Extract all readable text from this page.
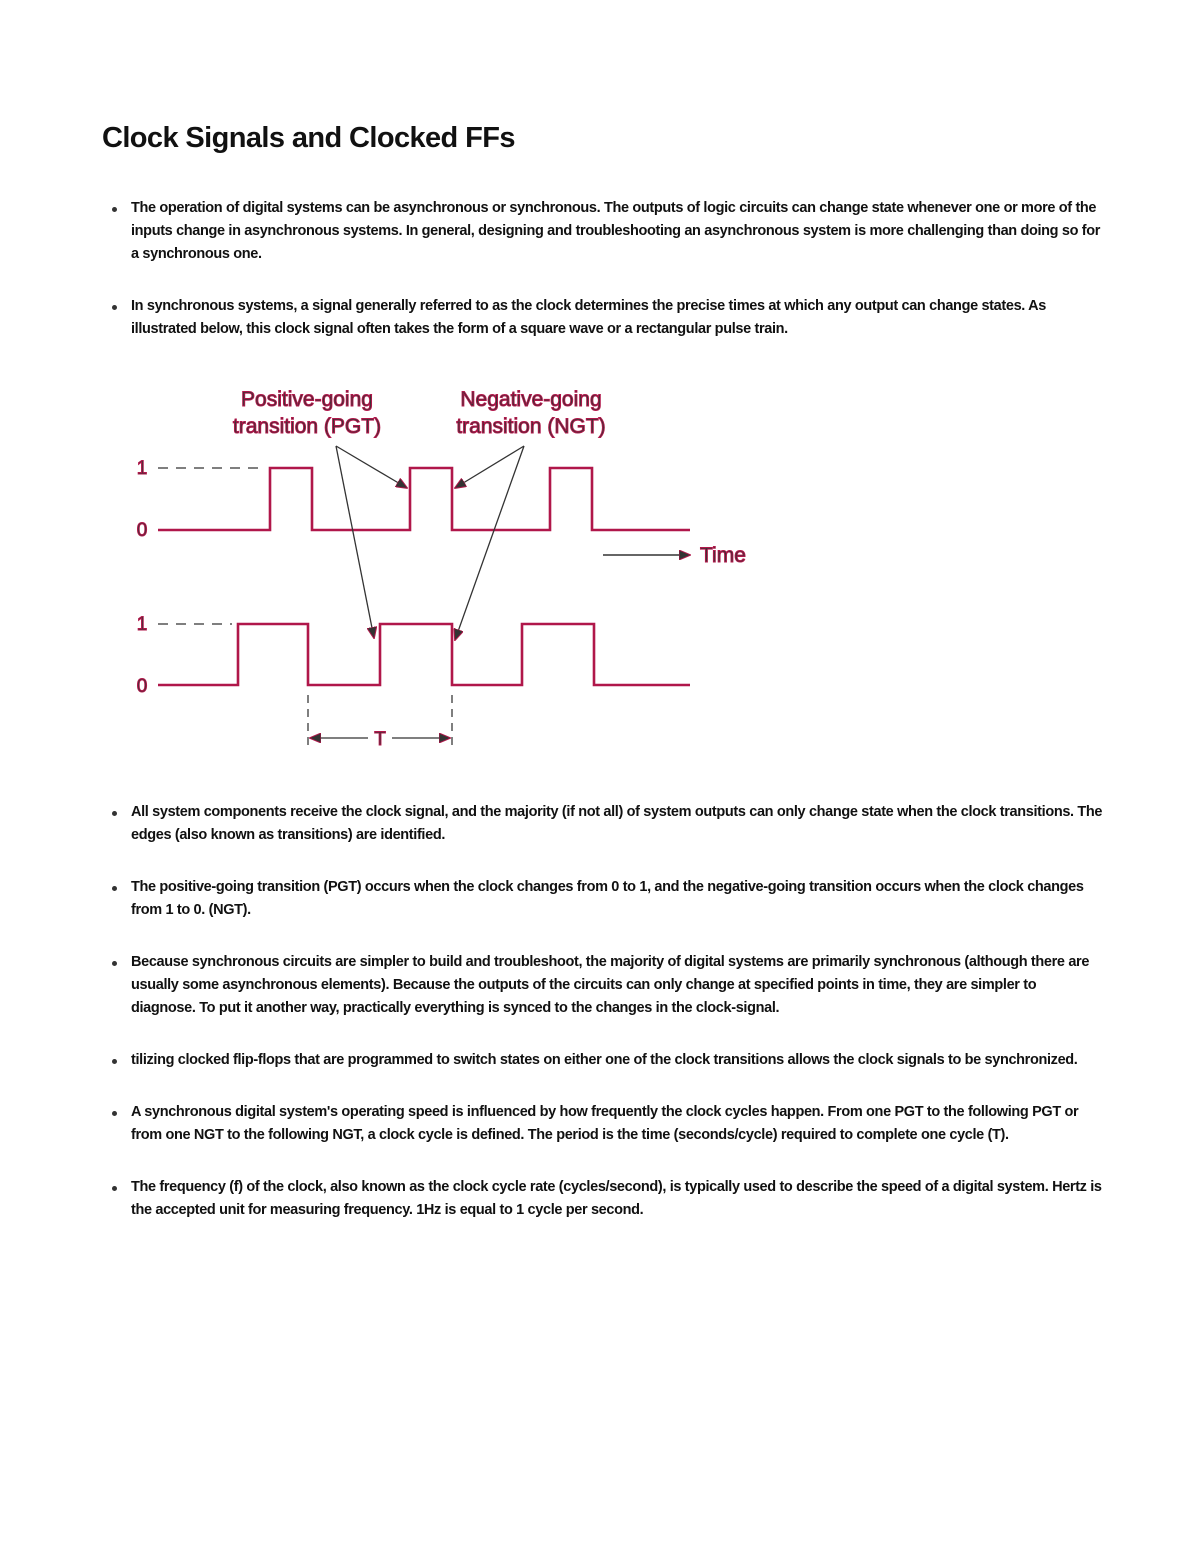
Clock Signals and Clocked FFs
The operation of digital systems can be asynchronous or synchronous. The outputs of logic circuits can change state whenever one or more of the inputs change in asynchronous systems. In general, designing and troubleshooting an asynchronous system is more challenging than doing so for a synchronous one.
In synchronous systems, a signal generally referred to as the clock determines the precise times at which any output can change states. As illustrated below, this clock signal often takes the form of a square wave or a rectangular pulse train.
Positive-going
transition (PGT)
Negative-going
transition (NGT)
1
0
Time
1
0
T
All system components receive the clock signal, and the majority (if not all) of system outputs can only change state when the clock transitions. The edges (also known as transitions) are identified.
The positive-going transition (PGT) occurs when the clock changes from 0 to 1, and the negative-going transition occurs when the clock changes from 1 to 0. (NGT).
Because synchronous circuits are simpler to build and troubleshoot, the majority of digital systems are primarily synchronous (although there are usually some asynchronous elements). Because the outputs of the circuits can only change at specified points in time, they are simpler to diagnose. To put it another way, practically everything is synced to the changes in the clock-signal.
tilizing clocked flip-flops that are programmed to switch states on either one of the clock transitions allows the clock signals to be synchronized.
A synchronous digital system's operating speed is influenced by how frequently the clock cycles happen. From one PGT to the following PGT or from one NGT to the following NGT, a clock cycle is defined. The period is the time (seconds/cycle) required to complete one cycle (T).
The frequency (f) of the clock, also known as the clock cycle rate (cycles/second), is typically used to describe the speed of a digital system. Hertz is the accepted unit for measuring frequency. 1Hz is equal to 1 cycle per second.
